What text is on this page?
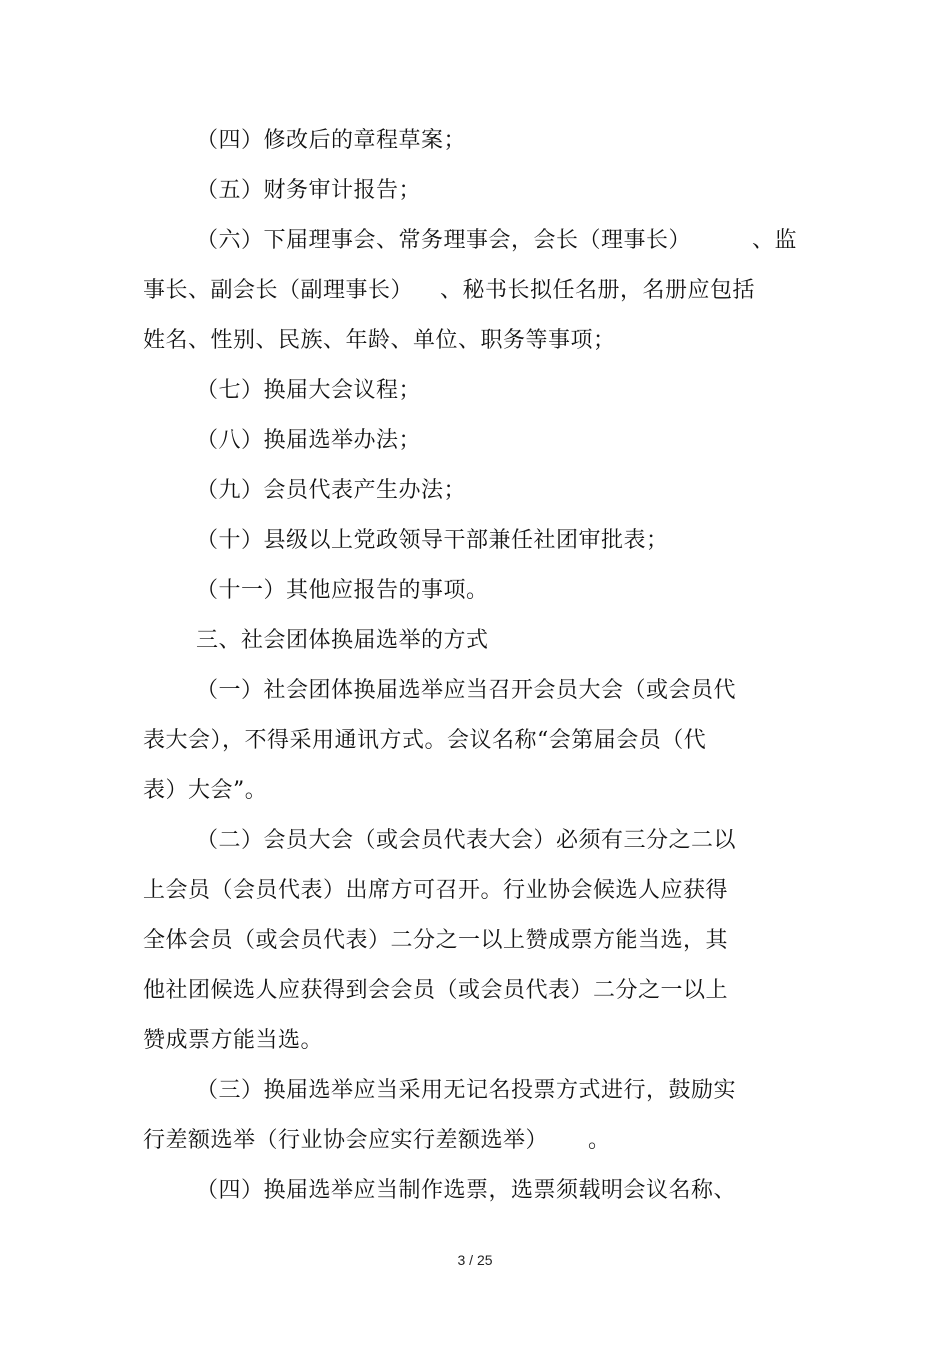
（四）修改后的章程草案；
（五）财务审计报告；
（六）下届理事会、常务理事会，会长（理事长）	、监
事长、副会长（副理事长） 、秘书长拟任名册，名册应包括
姓名、性别、民族、年龄、单位、职务等事项；
（七）换届大会议程；
（八）换届选举办法；
（九）会员代表产生办法；
（十）县级以上党政领导干部兼任社团审批表；
（十一）其他应报告的事项。
三、社会团体换届选举的方式
（一）社会团体换届选举应当召开会员大会（或会员代
表大会），不得采用通讯方式。会议名称“会第届会员（代
表）大会”。
（二）会员大会（或会员代表大会）必须有三分之二以
上会员（会员代表）出席方可召开。行业协会候选人应获得
全体会员（或会员代表）二分之一以上赞成票方能当选，其
他社团候选人应获得到会会员（或会员代表）二分之一以上
赞成票方能当选。
（三）换届选举应当采用无记名投票方式进行，鼓励实
行差额选举（行业协会应实行差额选举） 。
（四）换届选举应当制作选票，选票须载明会议名称、
3 / 25
